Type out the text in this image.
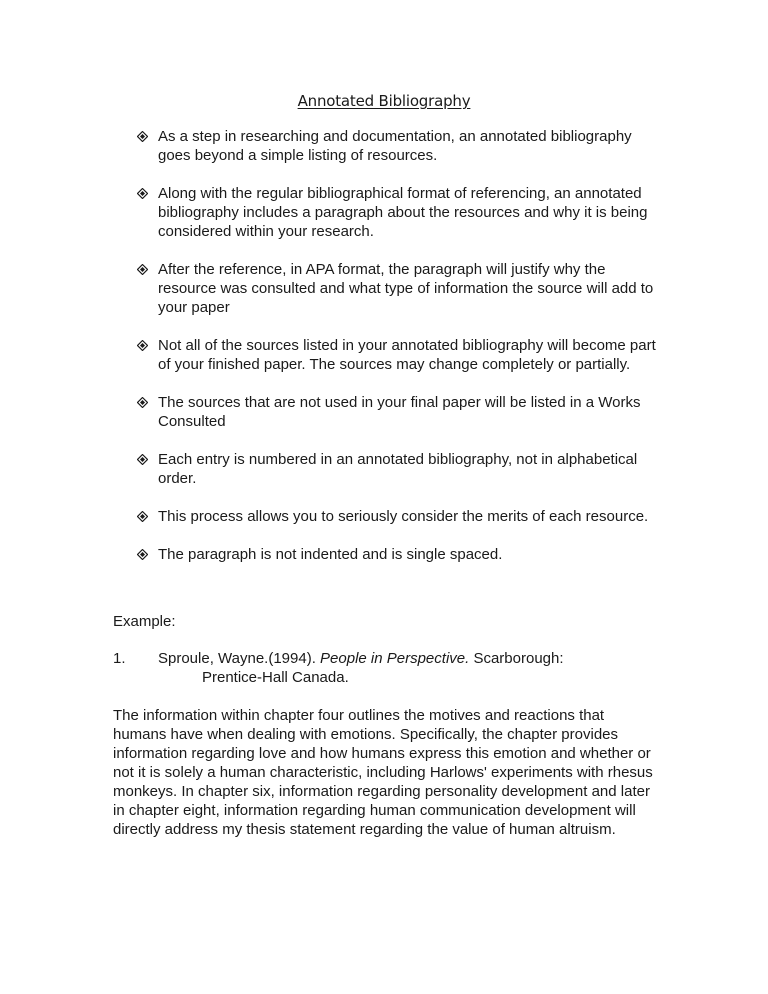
Annotated Bibliography
As a step in researching and documentation, an annotated bibliography goes beyond a simple listing of resources.
Along with the regular bibliographical format of referencing, an annotated bibliography includes a paragraph about the resources and why it is being considered within your research.
After the reference, in APA format, the paragraph will justify why the resource was consulted and what type of information the source will add to your paper
Not all of the sources listed in your annotated bibliography will become part of your finished paper. The sources may change completely or partially.
The sources that are not used in your final paper will be listed in a Works Consulted
Each entry is numbered in an annotated bibliography, not in alphabetical order.
This process allows you to seriously consider the merits of each resource.
The paragraph is not indented and is single spaced.
Example:
1. Sproule, Wayne.(1994). People in Perspective. Scarborough:
Prentice-Hall Canada.

The information within chapter four outlines the motives and reactions that humans have when dealing with emotions. Specifically, the chapter provides information regarding love and how humans express this emotion and whether or not it is solely a human characteristic, including Harlows' experiments with rhesus monkeys. In chapter six, information regarding personality development and later in chapter eight, information regarding human communication development will directly address my thesis statement regarding the value of human altruism.
